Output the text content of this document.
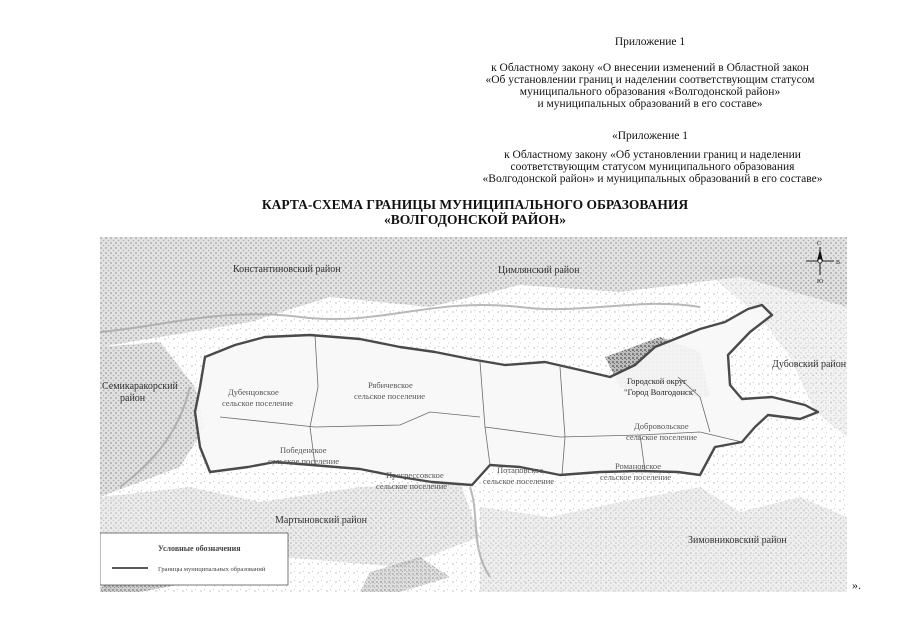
Приложение 1

к Областному закону «О внесении изменений в Областной закон

«Об установлении границ и наделении соответствующим статусом

муниципального образования «Волгодонской район»

и муниципальных образований в его составе»

«Приложение 1

к Областному закону «Об установлении границ и наделении

соответствующим статусом муниципального образования

«Волгодонской район» и муниципальных образований в его составе»

КАРТА-СХЕМА ГРАНИЦЫ МУНИЦИПАЛЬНОГО ОБРАЗОВАНИЯ

«ВОЛГОДОНСКОЙ РАЙОН»

Константиновский район	Цимлянский район
Дубовский район
Семикаракорский
район
Мартыновский район
Зимовниковский район
Дубенцовское
сельское поселение
Рябичевское
сельское поселение
Победенское
сельское поселение
Прогрессовское
сельское поселение
Потаповское
сельское поселение
Романовское
сельское поселение
Добровольское
сельское поселение
Городской округ
"Город Волгодонск"
С
Ю
В
Условные обозначения
Границы муниципальных образований
».
